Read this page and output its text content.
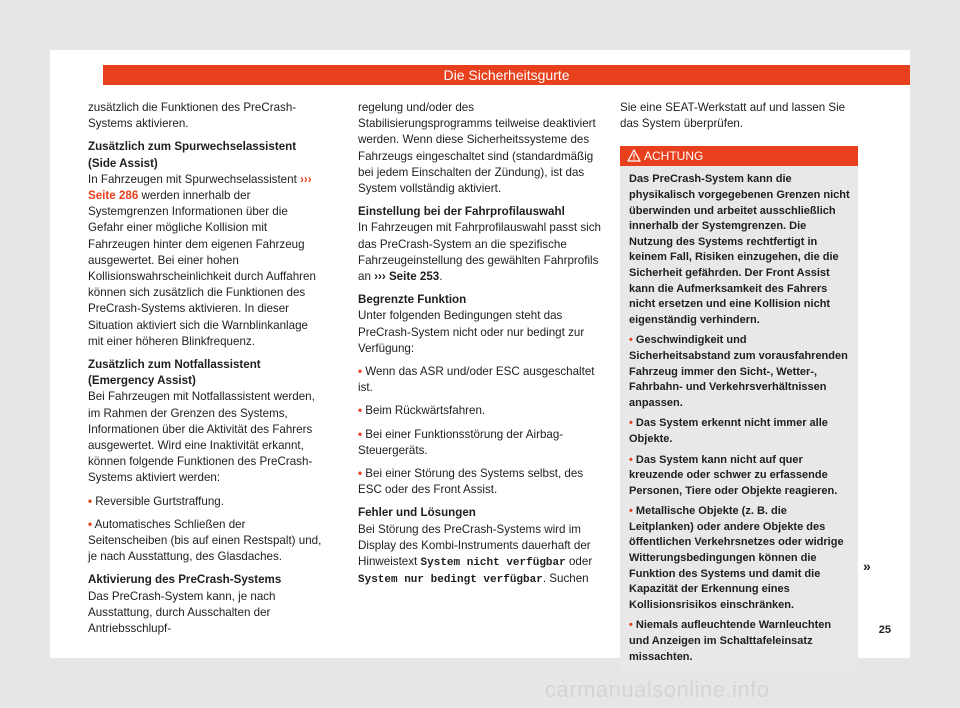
Die Sicherheitsgurte

zusätzlich die Funktionen des PreCrash-Systems aktivieren.

Zusätzlich zum Spurwechselassistent (Side Assist)

In Fahrzeugen mit Spurwechselassistent ››› Seite 286 werden innerhalb der Systemgrenzen Informationen über die Gefahr einer mögliche Kollision mit Fahrzeugen hinter dem eigenen Fahrzeug ausgewertet. Bei einer hohen Kollisionswahrscheinlichkeit durch Auffahren können sich zusätzlich die Funktionen des PreCrash-Systems aktivieren. In dieser Situation aktiviert sich die Warnblinkanlage mit einer höheren Blinkfrequenz.

Zusätzlich zum Notfallassistent (Emergency Assist)

Bei Fahrzeugen mit Notfallassistent werden, im Rahmen der Grenzen des Systems, Informationen über die Aktivität des Fahrers ausgewertet. Wird eine Inaktivität erkannt, können folgende Funktionen des PreCrash-Systems aktiviert werden:

• Reversible Gurtstraffung.

• Automatisches Schließen der Seitenscheiben (bis auf einen Restspalt) und, je nach Ausstattung, des Glasdaches.

Aktivierung des PreCrash-Systems

Das PreCrash-System kann, je nach Ausstattung, durch Ausschalten der Antriebsschlupf-

regelung und/oder des Stabilisierungsprogramms teilweise deaktiviert werden. Wenn diese Sicherheitssysteme des Fahrzeugs eingeschaltet sind (standardmäßig bei jedem Einschalten der Zündung), ist das System vollständig aktiviert.

Einstellung bei der Fahrprofilauswahl

In Fahrzeugen mit Fahrprofilauswahl passt sich das PreCrash-System an die spezifische Fahrzeugeinstellung des gewählten Fahrprofils an ››› Seite 253.

Begrenzte Funktion

Unter folgenden Bedingungen steht das PreCrash-System nicht oder nur bedingt zur Verfügung:

• Wenn das ASR und/oder ESC ausgeschaltet ist.

• Beim Rückwärtsfahren.

• Bei einer Funktionsstörung der Airbag-Steuergeräts.

• Bei einer Störung des Systems selbst, des ESC oder des Front Assist.

Fehler und Lösungen

Bei Störung des PreCrash-Systems wird im Display des Kombi-Instruments dauerhaft der Hinweistext System nicht verfügbar oder System nur bedingt verfügbar. Suchen

Sie eine SEAT-Werkstatt auf und lassen Sie das System überprüfen.

ACHTUNG

Das PreCrash-System kann die physikalisch vorgegebenen Grenzen nicht überwinden und arbeitet ausschließlich innerhalb der Systemgrenzen. Die Nutzung des Systems rechtfertigt in keinem Fall, Risiken einzugehen, die die Sicherheit gefährden. Der Front Assist kann die Aufmerksamkeit des Fahrers nicht ersetzen und eine Kollision nicht eigenständig verhindern.

• Geschwindigkeit und Sicherheitsabstand zum vorausfahrenden Fahrzeug immer den Sicht-, Wetter-, Fahrbahn- und Verkehrsverhältnissen anpassen.

• Das System erkennt nicht immer alle Objekte.

• Das System kann nicht auf quer kreuzende oder schwer zu erfassende Personen, Tiere oder Objekte reagieren.

• Metallische Objekte (z. B. die Leitplanken) oder andere Objekte des öffentlichen Verkehrsnetzes oder widrige Witterungsbedingungen können die Funktion des Systems und damit die Kapazität der Erkennung eines Kollisionsrisikos einschränken.

• Niemals aufleuchtende Warnleuchten und Anzeigen im Schalttafeleinsatz missachten.

»
25
carmanualsonline.info
